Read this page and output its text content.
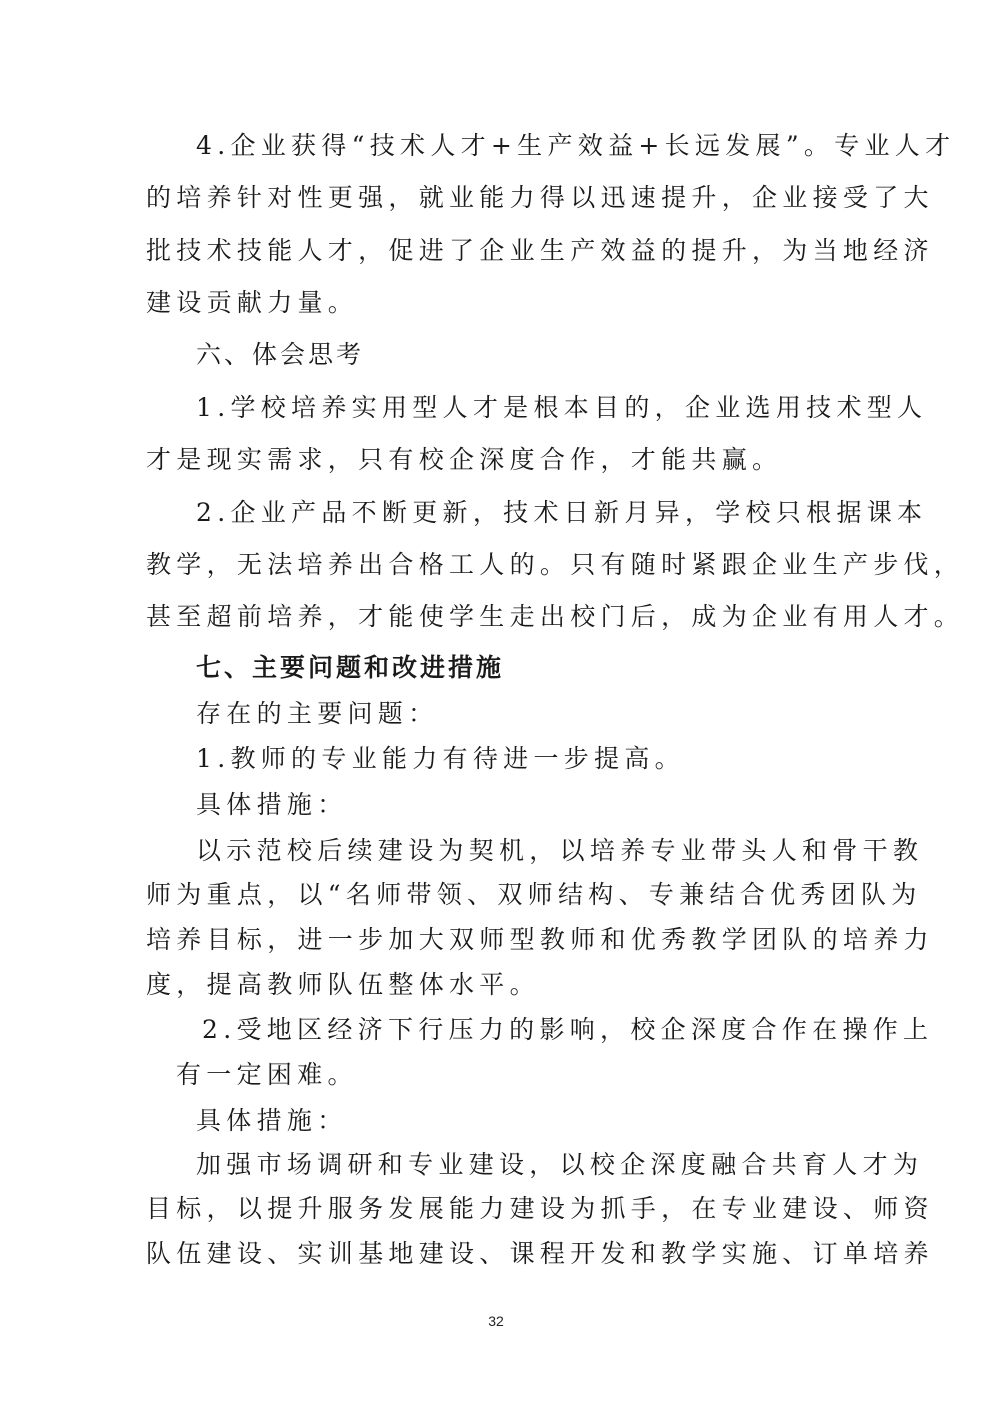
4.企业获得“技术人才+生产效益+长远发展”。专业人才
的培养针对性更强，就业能力得以迅速提升，企业接受了大
批技术技能人才，促进了企业生产效益的提升，为当地经济
建设贡献力量。
六、体会思考
1.学校培养实用型人才是根本目的，企业选用技术型人
才是现实需求，只有校企深度合作，才能共赢。
2.企业产品不断更新，技术日新月异，学校只根据课本
教学，无法培养出合格工人的。只有随时紧跟企业生产步伐，
甚至超前培养，才能使学生走出校门后，成为企业有用人才。
七、主要问题和改进措施
存在的主要问题：
1.教师的专业能力有待进一步提高。
具体措施：
以示范校后续建设为契机，以培养专业带头人和骨干教
师为重点，以“名师带领、双师结构、专兼结合优秀团队为
培养目标，进一步加大双师型教师和优秀教学团队的培养力
度，提高教师队伍整体水平。
2.受地区经济下行压力的影响，校企深度合作在操作上
有一定困难。
具体措施：
加强市场调研和专业建设，以校企深度融合共育人才为
目标，以提升服务发展能力建设为抓手，在专业建设、师资
队伍建设、实训基地建设、课程开发和教学实施、订单培养
32
